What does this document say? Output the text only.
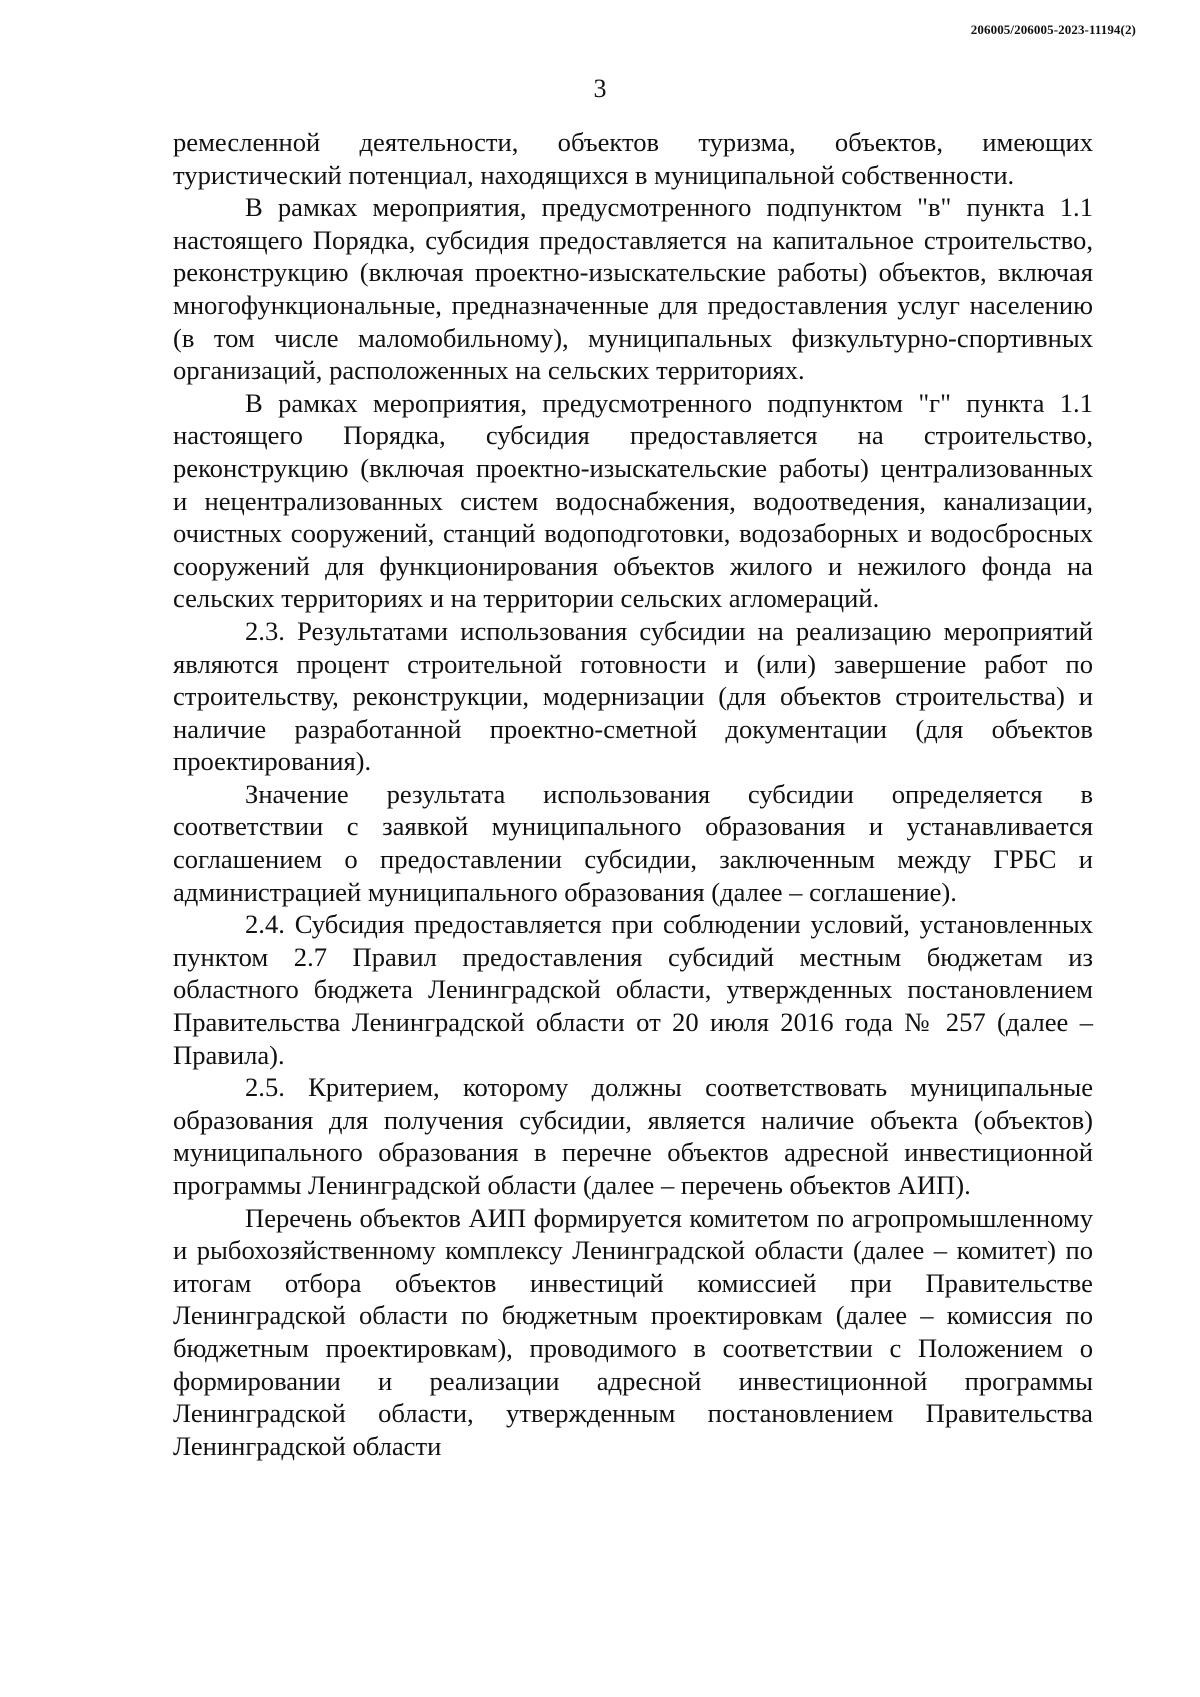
206005/206005-2023-11194(2)
3

ремесленной деятельности, объектов туризма, объектов, имеющих туристический потенциал, находящихся в муниципальной собственности.

В рамках мероприятия, предусмотренного подпунктом "в" пункта 1.1 настоящего Порядка, субсидия предоставляется на капитальное строительство, реконструкцию (включая проектно-изыскательские работы) объектов, включая многофункциональные, предназначенные для предоставления услуг населению (в том числе маломобильному), муниципальных физкультурно-спортивных организаций, расположенных на сельских территориях.

В рамках мероприятия, предусмотренного подпунктом "г" пункта 1.1 настоящего Порядка, субсидия предоставляется на строительство, реконструкцию (включая проектно-изыскательские работы) централизованных и нецентрализованных систем водоснабжения, водоотведения, канализации, очистных сооружений, станций водоподготовки, водозаборных и водосбросных сооружений для функционирования объектов жилого и нежилого фонда на сельских территориях и на территории сельских агломераций.

2.3. Результатами использования субсидии на реализацию мероприятий являются процент строительной готовности и (или) завершение работ по строительству, реконструкции, модернизации (для объектов строительства) и наличие разработанной проектно-сметной документации (для объектов проектирования).

Значение результата использования субсидии определяется в соответствии с заявкой муниципального образования и устанавливается соглашением о предоставлении субсидии, заключенным между ГРБС и администрацией муниципального образования (далее – соглашение).

2.4. Субсидия предоставляется при соблюдении условий, установленных пунктом 2.7 Правил предоставления субсидий местным бюджетам из областного бюджета Ленинградской области, утвержденных постановлением Правительства Ленинградской области от 20 июля 2016 года № 257 (далее – Правила).

2.5. Критерием, которому должны соответствовать муниципальные образования для получения субсидии, является наличие объекта (объектов) муниципального образования в перечне объектов адресной инвестиционной программы Ленинградской области (далее – перечень объектов АИП).

Перечень объектов АИП формируется комитетом по агропромышленному и рыбохозяйственному комплексу Ленинградской области (далее – комитет) по итогам отбора объектов инвестиций комиссией при Правительстве Ленинградской области по бюджетным проектировкам (далее – комиссия по бюджетным проектировкам), проводимого в соответствии с Положением о формировании и реализации адресной инвестиционной программы Ленинградской области, утвержденным постановлением Правительства Ленинградской области
